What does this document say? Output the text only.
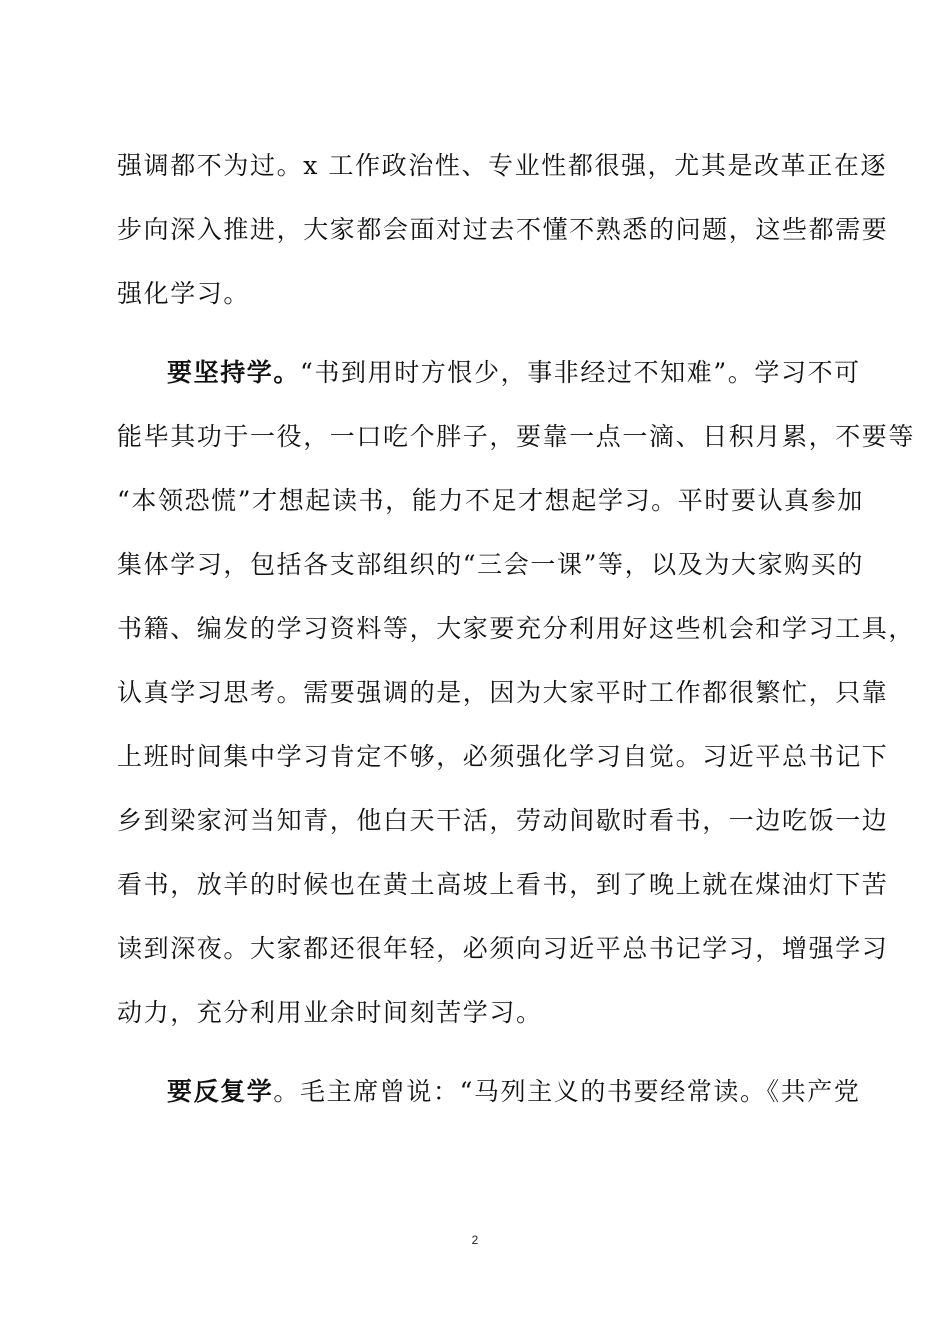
强调都不为过。x 工作政治性、专业性都很强，尤其是改革正在逐
步向深入推进，大家都会面对过去不懂不熟悉的问题，这些都需要
强化学习。
要坚持学。“书到用时方恨少，事非经过不知难”。学习不可
能毕其功于一役，一口吃个胖子，要靠一点一滴、日积月累，不要等
“本领恐慌”才想起读书，能力不足才想起学习。平时要认真参加
集体学习，包括各支部组织的“三会一课”等，以及为大家购买的
书籍、编发的学习资料等，大家要充分利用好这些机会和学习工具，
认真学习思考。需要强调的是，因为大家平时工作都很繁忙，只靠
上班时间集中学习肯定不够，必须强化学习自觉。习近平总书记下
乡到梁家河当知青，他白天干活，劳动间歇时看书，一边吃饭一边
看书，放羊的时候也在黄土高坡上看书，到了晚上就在煤油灯下苦
读到深夜。大家都还很年轻，必须向习近平总书记学习，增强学习
动力，充分利用业余时间刻苦学习。
要反复学。毛主席曾说：“马列主义的书要经常读。《共产党
2
